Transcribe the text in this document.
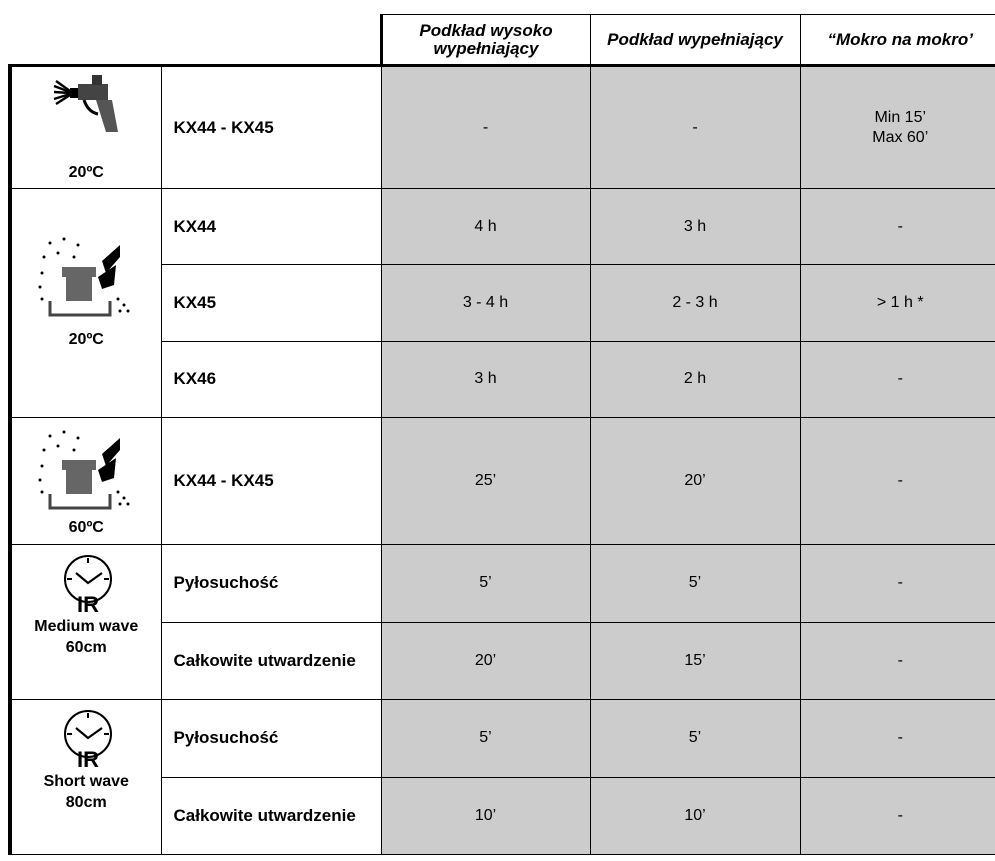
		Podkład wysoko wypełniający	Podkład wypełniający	“Mokro na mokro’

20ºC	KX44 - KX45	-	-	Min 15’
Max 60’

20ºC	KX44	4 h	3 h	-
	KX45	3 - 4 h	2 - 3 h	> 1 h *
	KX46	3 h	2 h	-

60ºC	KX44 - KX45	25’	20’	-

IR
Medium wave
60cm	Pyłosuchość	5’	5’	-
	Całkowite utwardzenie	20’	15’	-

IR
Short wave
80cm	Pyłosuchość	5’	5’	-
	Całkowite utwardzenie	10’	10’	-
